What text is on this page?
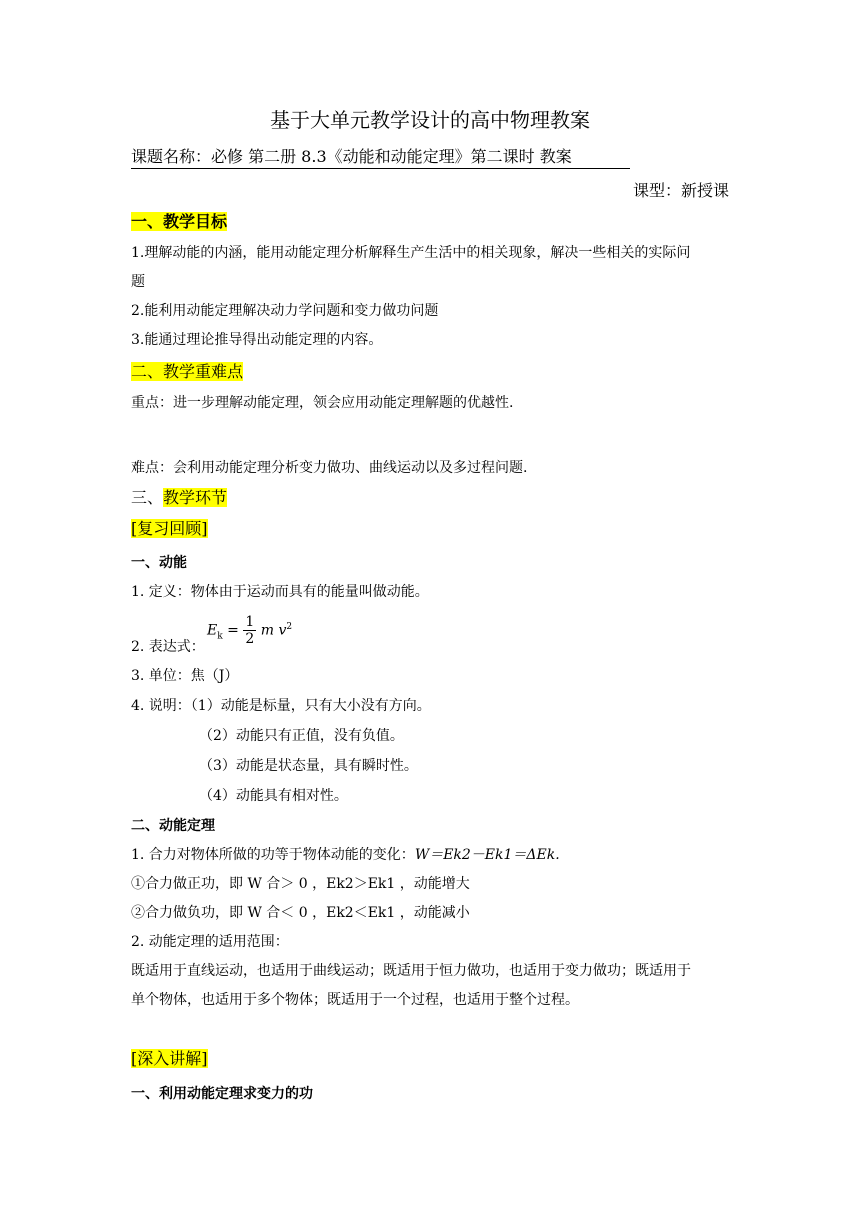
基于大单元教学设计的高中物理教案
课题名称：必修 第二册 8.3《动能和动能定理》第二课时 教案
课型：新授课
一、教学目标
1.理解动能的内涵，能用动能定理分析解释生产生活中的相关现象，解决一些相关的实际问
题
2.能利用动能定理解决动力学问题和变力做功问题
3.能通过理论推导得出动能定理的内容。
二、教学重难点
重点：进一步理解动能定理，领会应用动能定理解题的优越性.
难点：会利用动能定理分析变力做功、曲线运动以及多过程问题.
三、教学环节
[复习回顾]
一、动能
1. 定义：物体由于运动而具有的能量叫做动能。
$E_k = \frac{1}{2}$ m $v^2$
2. 表达式：
3. 单位：焦（J）
4. 说明：（1）动能是标量，只有大小没有方向。
（2）动能只有正值，没有负值。
（3）动能是状态量，具有瞬时性。
（4）动能具有相对性。
二、动能定理
1. 合力对物体所做的功等于物体动能的变化：W＝Ek2－Ek1＝ΔEk.
①合力做正功，即 W 合＞ 0 ，Ek2＞Ek1 ，动能增大
②合力做负功，即 W 合＜ 0 ，Ek2＜Ek1 ，动能减小
2. 动能定理的适用范围：
既适用于直线运动，也适用于曲线运动；既适用于恒力做功，也适用于变力做功；既适用于
单个物体，也适用于多个物体；既适用于一个过程，也适用于整个过程。
[深入讲解]
一、利用动能定理求变力的功
